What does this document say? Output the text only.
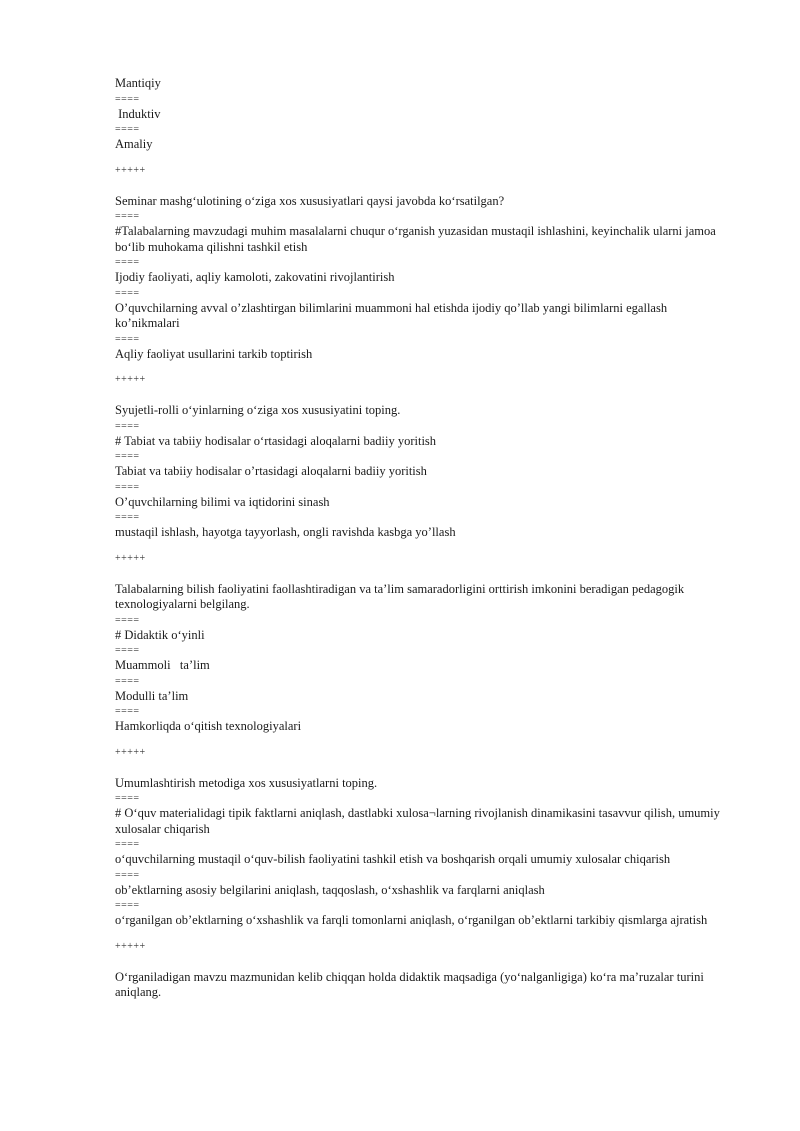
Mantiqiy
====
Induktiv
====
Amaliy
+++++
Seminar mashg‘ulotining o‘ziga xos xususiyatlari qaysi javobda ko‘rsatilgan?
====
#Talabalarning mavzudagi muhim masalalarni chuqur o‘rganish yuzasidan mustaqil ishlashini, keyinchalik ularni jamoa bo‘lib muhokama qilishni tashkil etish
====
Ijodiy faoliyati, aqliy kamoloti, zakovatini rivojlantirish
====
O’quvchilarning avval o’zlashtirgan bilimlarini muammoni hal etishda ijodiy qo’llab yangi bilimlarni egallash ko’nikmalari
====
Aqliy faoliyat usullarini tarkib toptirish
+++++
Syujetli-rolli o‘yinlarning o‘ziga xos xususiyatini toping.
====
# Tabiat va tabiiy hodisalar o‘rtasidagi aloqalarni badiiy yoritish
====
Tabiat va tabiiy hodisalar o’rtasidagi aloqalarni badiiy yoritish
====
O’quvchilarning bilimi va iqtidorini sinash
====
mustaqil ishlash, hayotga tayyorlash, ongli ravishda kasbga yo’llash
+++++
Talabalarning bilish faoliyatini faollashtiradigan va ta’lim samaradorligini orttirish imkonini beradigan pedagogik texnologiyalarni belgilang.
====
# Didaktik o‘yinli
====
Muammoli   ta’lim
====
Modulli ta’lim
====
Hamkorliqda o‘qitish texnologiyalari
+++++
Umumlashtirish metodiga xos xususiyatlarni toping.
====
# O‘quv materialidagi tipik faktlarni aniqlash, dastlabki xulosa¬larning rivojlanish dinamikasini tasavvur qilish, umumiy xulosalar chiqarish
====
o‘quvchilarning mustaqil o‘quv-bilish faoliyatini tashkil etish va boshqarish orqali umumiy xulosalar chiqarish
====
ob’ektlarning asosiy belgilarini aniqlash, taqqoslash, o‘xshashlik va farqlarni aniqlash
====
o‘rganilgan ob’ektlarning o‘xshashlik va farqli tomonlarni aniqlash, o‘rganilgan ob’ektlarni tarkibiy qismlarga ajratish
+++++
O‘rganiladigan mavzu mazmunidan kelib chiqqan holda didaktik maqsadiga (yo‘nalganligiga) ko‘ra ma’ruzalar turini aniqlang.
